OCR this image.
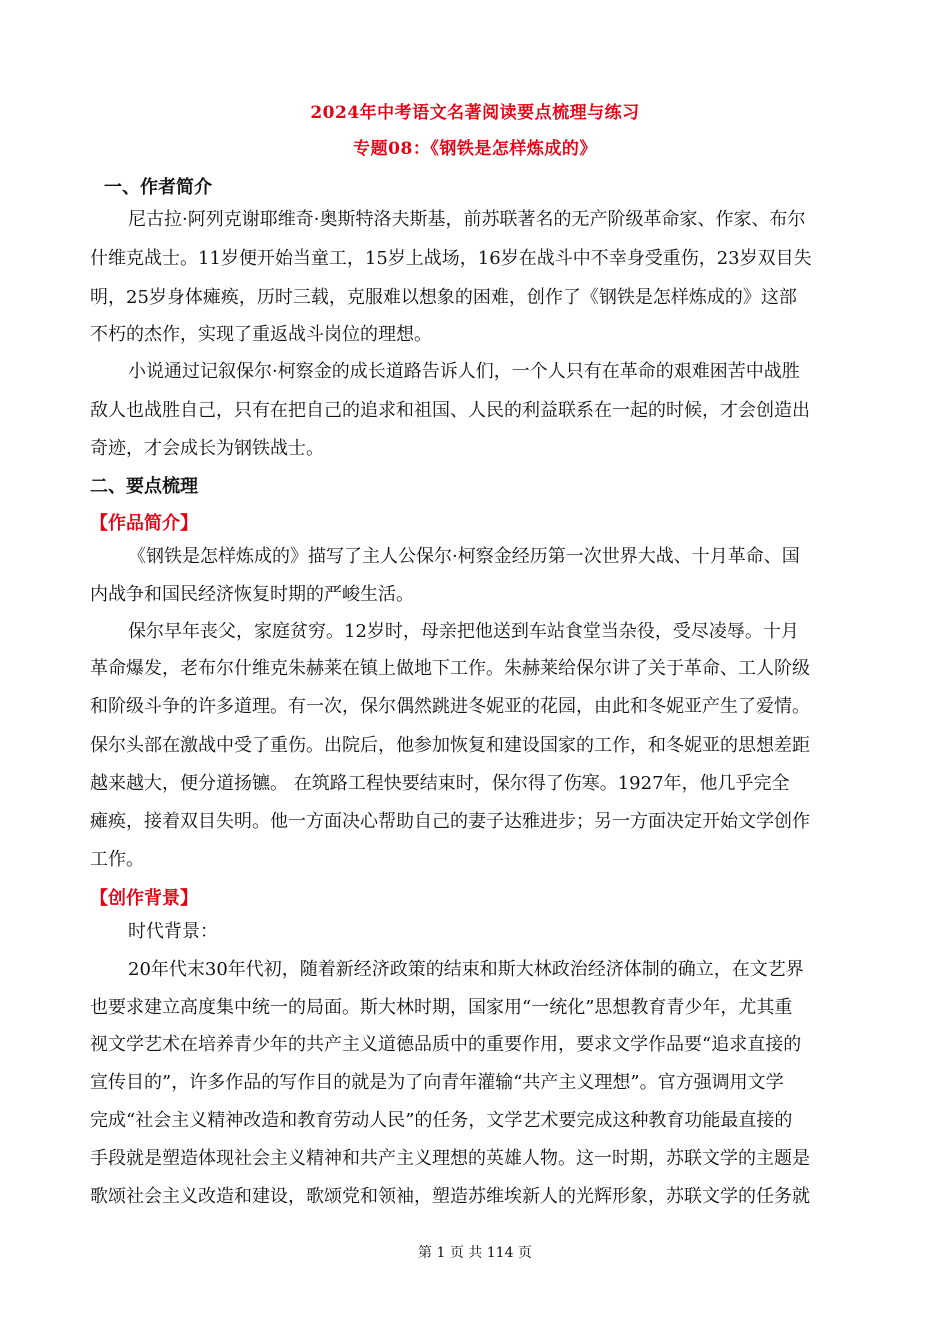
2024年中考语文名著阅读要点梳理与练习
专题08：《钢铁是怎样炼成的》
一、作者简介
尼古拉·阿列克谢耶维奇·奥斯特洛夫斯基，前苏联著名的无产阶级革命家、作家、布尔
什维克战士。11岁便开始当童工，15岁上战场，16岁在战斗中不幸身受重伤，23岁双目失
明，25岁身体瘫痪，历时三载，克服难以想象的困难，创作了《钢铁是怎样炼成的》这部
不朽的杰作，实现了重返战斗岗位的理想。
小说通过记叙保尔·柯察金的成长道路告诉人们，一个人只有在革命的艰难困苦中战胜
敌人也战胜自己，只有在把自己的追求和祖国、人民的利益联系在一起的时候，才会创造出
奇迹，才会成长为钢铁战士。
二、要点梳理
【作品简介】
《钢铁是怎样炼成的》描写了主人公保尔·柯察金经历第一次世界大战、十月革命、国
内战争和国民经济恢复时期的严峻生活。
保尔早年丧父，家庭贫穷。12岁时，母亲把他送到车站食堂当杂役，受尽凌辱。十月
革命爆发，老布尔什维克朱赫莱在镇上做地下工作。朱赫莱给保尔讲了关于革命、工人阶级
和阶级斗争的许多道理。有一次，保尔偶然跳进冬妮亚的花园，由此和冬妮亚产生了爱情。
保尔头部在激战中受了重伤。出院后，他参加恢复和建设国家的工作，和冬妮亚的思想差距
越来越大，便分道扬镳。 在筑路工程快要结束时，保尔得了伤寒。1927年，他几乎完全
瘫痪，接着双目失明。他一方面决心帮助自己的妻子达雅进步；另一方面决定开始文学创作
工作。
【创作背景】
时代背景：
20年代末30年代初，随着新经济政策的结束和斯大林政治经济体制的确立，在文艺界
也要求建立高度集中统一的局面。斯大林时期，国家用“一统化”思想教育青少年，尤其重
视文学艺术在培养青少年的共产主义道德品质中的重要作用，要求文学作品要“追求直接的
宣传目的”，许多作品的写作目的就是为了向青年灌输“共产主义理想”。官方强调用文学
完成“社会主义精神改造和教育劳动人民”的任务，文学艺术要完成这种教育功能最直接的
手段就是塑造体现社会主义精神和共产主义理想的英雄人物。这一时期，苏联文学的主题是
歌颂社会主义改造和建设，歌颂党和领袖，塑造苏维埃新人的光辉形象，苏联文学的任务就
第 1 页 共 114 页
